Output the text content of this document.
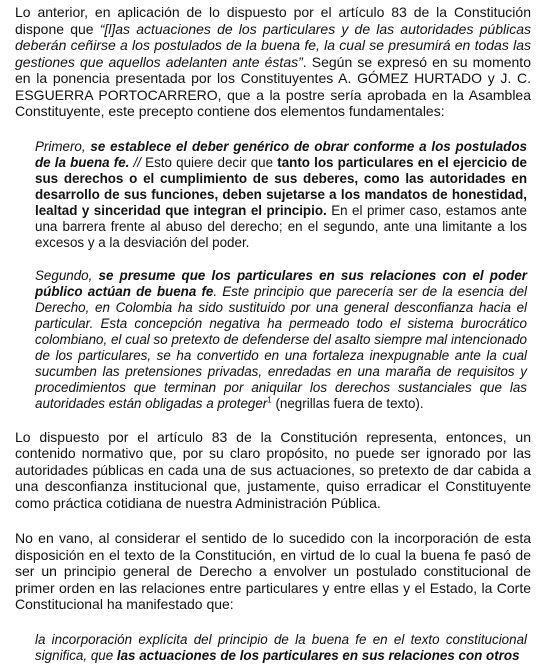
Lo anterior, en aplicación de lo dispuesto por el artículo 83 de la Constitución dispone que “[l]as actuaciones de los particulares y de las autoridades públicas deberán ceñirse a los postulados de la buena fe, la cual se presumirá en todas las gestiones que aquellos adelanten ante éstas”. Según se expresó en su momento en la ponencia presentada por los Constituyentes A. GÓMEZ HURTADO y J. C. ESGUERRA PORTOCARRERO, que a la postre sería aprobada en la Asamblea Constituyente, este precepto contiene dos elementos fundamentales:

Primero, se establece el deber genérico de obrar conforme a los postulados de la buena fe. // Esto quiere decir que tanto los particulares en el ejercicio de sus derechos o el cumplimiento de sus deberes, como las autoridades en desarrollo de sus funciones, deben sujetarse a los mandatos de honestidad, lealtad y sinceridad que integran el principio. En el primer caso, estamos ante una barrera frente al abuso del derecho; en el segundo, ante una limitante a los excesos y a la desviación del poder.

Segundo, se presume que los particulares en sus relaciones con el poder público actúan de buena fe. Este principio que parecería ser de la esencia del Derecho, en Colombia ha sido sustituido por una general desconfianza hacia el particular. Esta concepción negativa ha permeado todo el sistema burocrático colombiano, el cual so pretexto de defenderse del asalto siempre mal intencionado de los particulares, se ha convertido en una fortaleza inexpugnable ante la cual sucumben las pretensiones privadas, enredadas en una maraña de requisitos y procedimientos que terminan por aniquilar los derechos sustanciales que las autoridades están obligadas a proteger$^1$ (negrillas fuera de texto).

Lo dispuesto por el artículo 83 de la Constitución representa, entonces, un contenido normativo que, por su claro propósito, no puede ser ignorado por las autoridades públicas en cada una de sus actuaciones, so pretexto de dar cabida a una desconfianza institucional que, justamente, quiso erradicar el Constituyente como práctica cotidiana de nuestra Administración Pública.

No en vano, al considerar el sentido de lo sucedido con la incorporación de esta disposición en el texto de la Constitución, en virtud de lo cual la buena fe pasó de ser un principio general de Derecho a envolver un postulado constitucional de primer orden en las relaciones entre particulares y entre ellas y el Estado, la Corte Constitucional ha manifestado que:

la incorporación explícita del principio de la buena fe en el texto constitucional significa, que las actuaciones de los particulares en sus relaciones con otros
